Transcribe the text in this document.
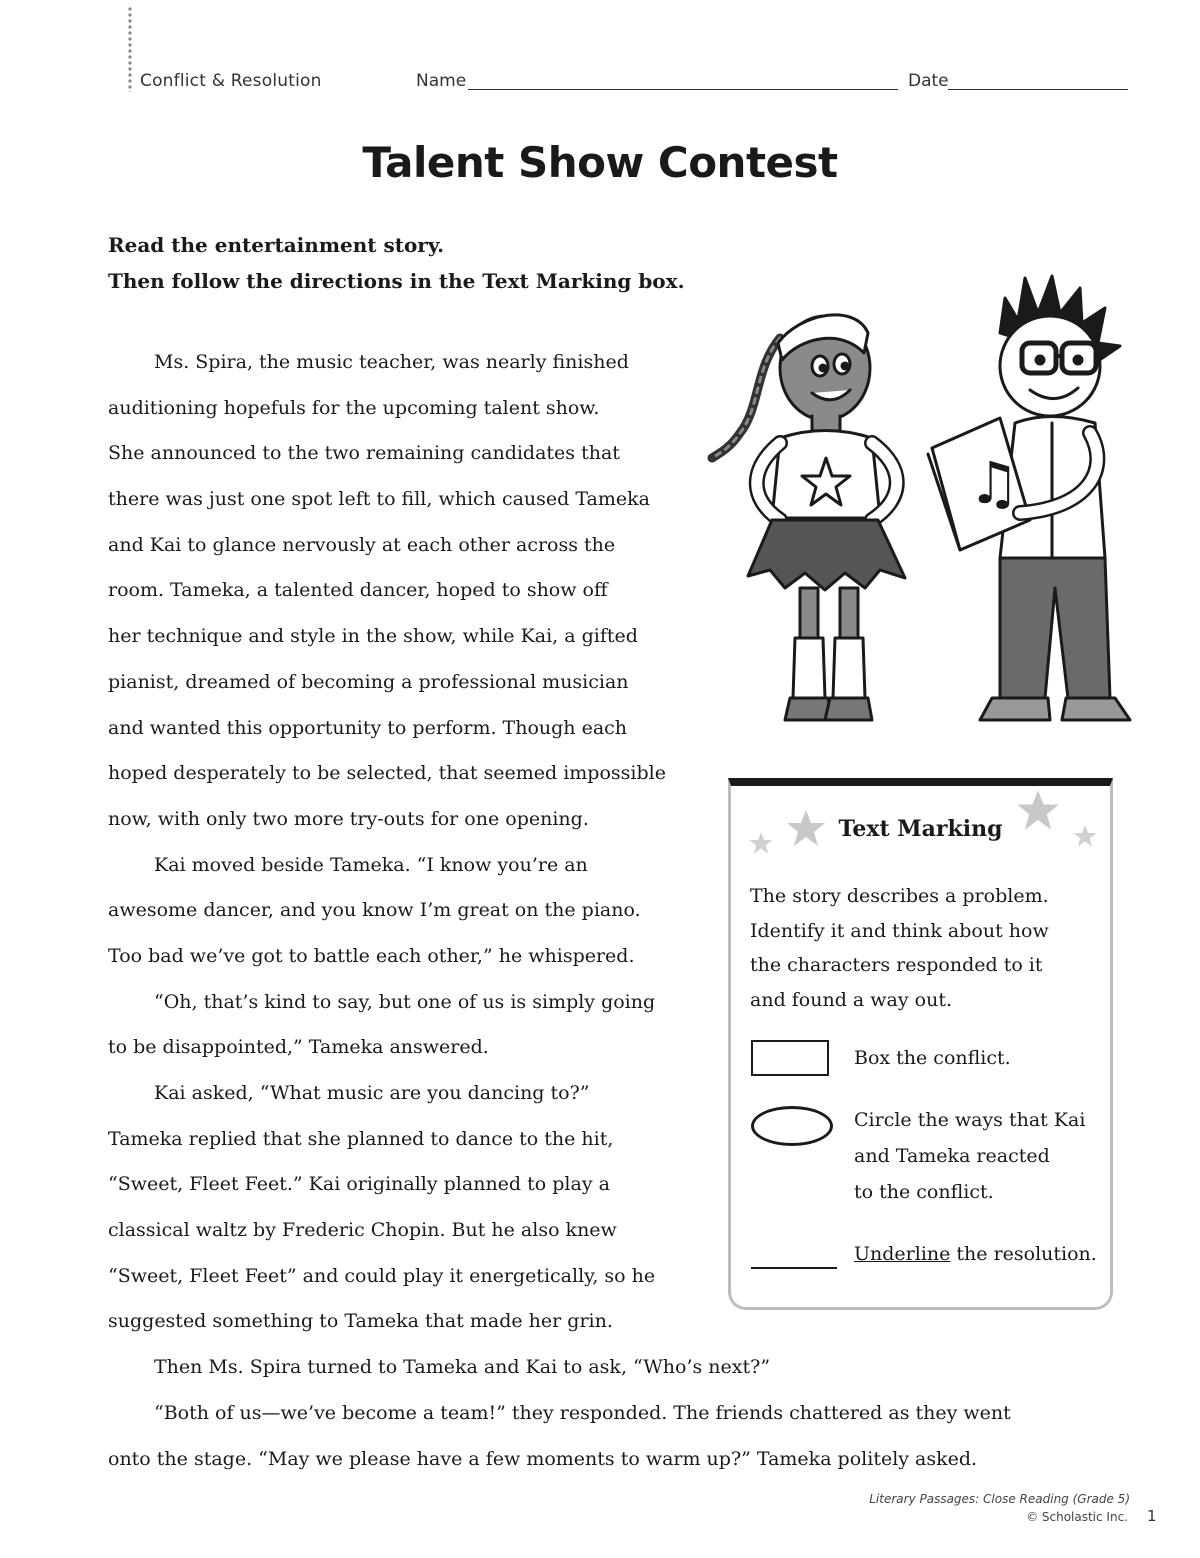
Conflict & Resolution	Name	Date
Talent Show Contest
Read the entertainment story.
Then follow the directions in the Text Marking box.
Ms. Spira, the music teacher, was nearly finished
auditioning hopefuls for the upcoming talent show.
She announced to the two remaining candidates that
there was just one spot left to fill, which caused Tameka
and Kai to glance nervously at each other across the
room. Tameka, a talented dancer, hoped to show off
her technique and style in the show, while Kai, a gifted
pianist, dreamed of becoming a professional musician
and wanted this opportunity to perform. Though each
hoped desperately to be selected, that seemed impossible
now, with only two more try-outs for one opening.
Kai moved beside Tameka. “I know you’re an
awesome dancer, and you know I’m great on the piano.
Too bad we’ve got to battle each other,” he whispered.
“Oh, that’s kind to say, but one of us is simply going
to be disappointed,” Tameka answered.
Kai asked, “What music are you dancing to?”
Tameka replied that she planned to dance to the hit,
“Sweet, Fleet Feet.” Kai originally planned to play a
classical waltz by Frederic Chopin. But he also knew
“Sweet, Fleet Feet” and could play it energetically, so he
suggested something to Tameka that made her grin.
Then Ms. Spira turned to Tameka and Kai to ask, “Who’s next?”
“Both of us—we’ve become a team!” they responded. The friends chattered as they went
onto the stage. “May we please have a few moments to warm up?” Tameka politely asked.
♫
Text Marking
The story describes a problem.
Identify it and think about how
the characters responded to it
and found a way out.
Box the conflict.
Circle the ways that Kai
and Tameka reacted
to the conflict.
Underline the resolution.
Literary Passages: Close Reading (Grade 5)
© Scholastic Inc. 1
